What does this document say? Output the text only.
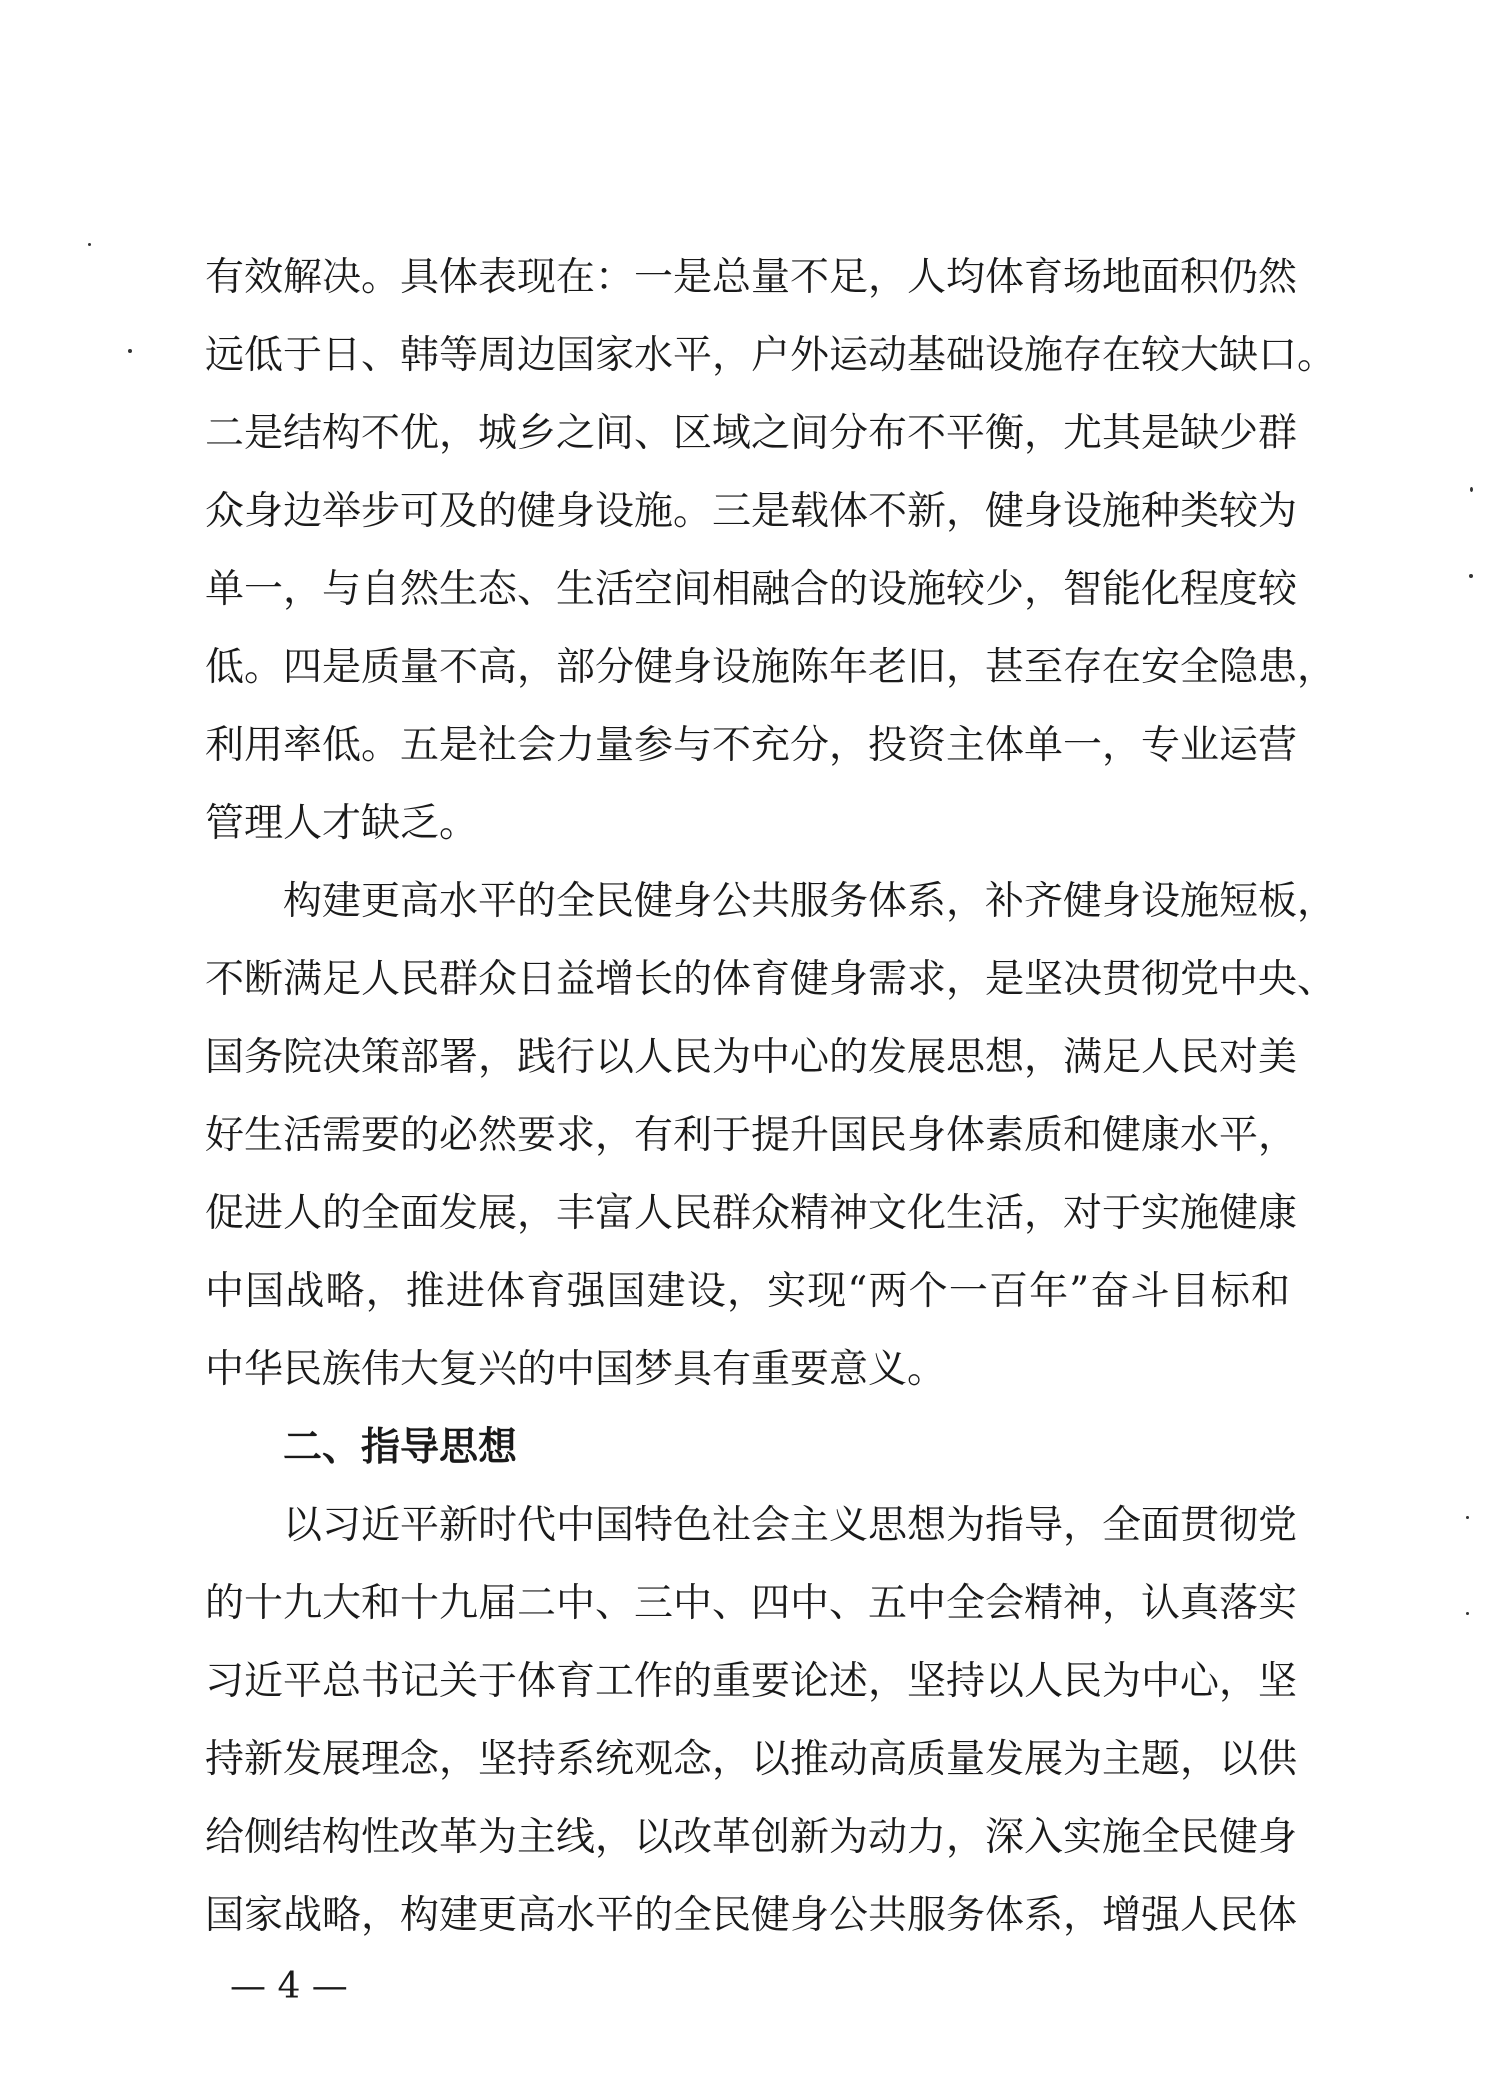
有效解决。具体表现在：一是总量不足，人均体育场地面积仍然
远低于日、韩等周边国家水平，户外运动基础设施存在较大缺口。
二是结构不优，城乡之间、区域之间分布不平衡，尤其是缺少群
众身边举步可及的健身设施。三是载体不新，健身设施种类较为
单一，与自然生态、生活空间相融合的设施较少，智能化程度较
低。四是质量不高，部分健身设施陈年老旧，甚至存在安全隐患，
利用率低。五是社会力量参与不充分，投资主体单一，专业运营
管理人才缺乏。
构建更高水平的全民健身公共服务体系，补齐健身设施短板，
不断满足人民群众日益增长的体育健身需求，是坚决贯彻党中央、
国务院决策部署，践行以人民为中心的发展思想，满足人民对美
好生活需要的必然要求，有利于提升国民身体素质和健康水平，
促进人的全面发展，丰富人民群众精神文化生活，对于实施健康
中国战略，推进体育强国建设，实现“两个一百年”奋斗目标和
中华民族伟大复兴的中国梦具有重要意义。
二、指导思想
以习近平新时代中国特色社会主义思想为指导，全面贯彻党
的十九大和十九届二中、三中、四中、五中全会精神，认真落实
习近平总书记关于体育工作的重要论述，坚持以人民为中心，坚
持新发展理念，坚持系统观念，以推动高质量发展为主题，以供
给侧结构性改革为主线，以改革创新为动力，深入实施全民健身
国家战略，构建更高水平的全民健身公共服务体系，增强人民体
— 4 —
